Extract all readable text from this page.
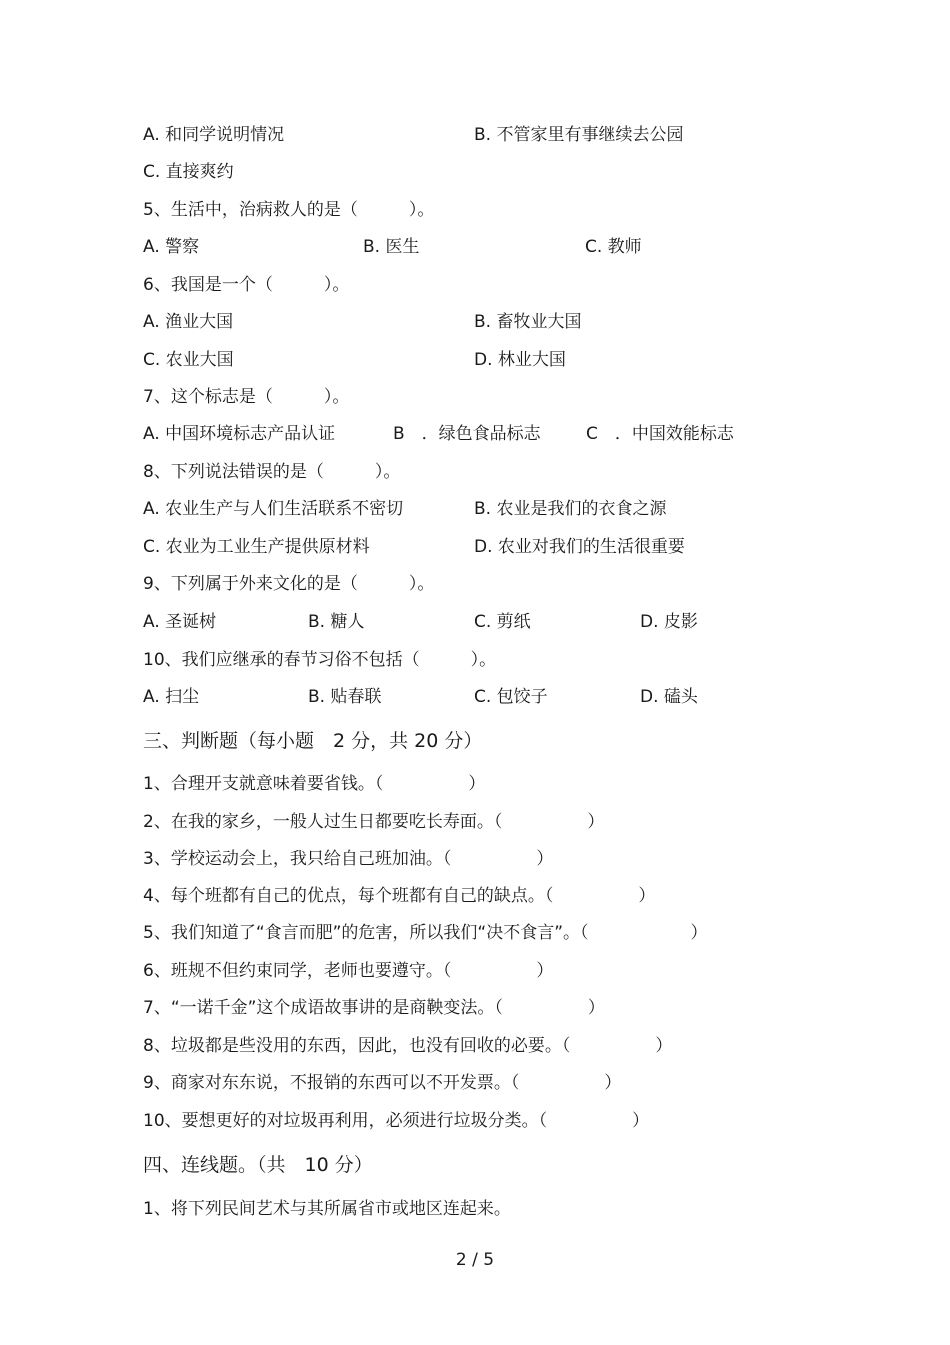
A. 和同学说明情况	B. 不管家里有事继续去公园
C. 直接爽约
5、生活中，治病救人的是（　　　）。
A. 警察	B. 医生	C. 教师
6、我国是一个（　　　）。
A. 渔业大国	B. 畜牧业大国
C. 农业大国	D. 林业大国
7、这个标志是（　　　）。
A. 中国环境标志产品认证	B　．绿色食品标志	C　．中国效能标志
8、下列说法错误的是（　　　）。
A. 农业生产与人们生活联系不密切	B. 农业是我们的衣食之源
C. 农业为工业生产提供原材料	D. 农业对我们的生活很重要
9、下列属于外来文化的是（　　　）。
A. 圣诞树	B. 糖人	C. 剪纸	D. 皮影
10、我们应继承的春节习俗不包括（　　　）。
A. 扫尘	B. 贴春联	C. 包饺子	D. 磕头
三、判断题（每小题　2 分，共 20 分）
1、合理开支就意味着要省钱。（　　　　　）
2、在我的家乡，一般人过生日都要吃长寿面。（　　　　　）
3、学校运动会上，我只给自己班加油。（　　　　　）
4、每个班都有自己的优点，每个班都有自己的缺点。（　　　　　）
5、我们知道了“食言而肥”的危害，所以我们“决不食言”。（　　　　　　）
6、班规不但约束同学，老师也要遵守。（　　　　　）
7、“一诺千金”这个成语故事讲的是商鞅变法。（　　　　　）
8、垃圾都是些没用的东西，因此，也没有回收的必要。（　　　　　）
9、商家对东东说，不报销的东西可以不开发票。（　　　　　）
10、要想更好的对垃圾再利用，必须进行垃圾分类。（　　　　　）
四、连线题。（共　10 分）
1、将下列民间艺术与其所属省市或地区连起来。
2 / 5
